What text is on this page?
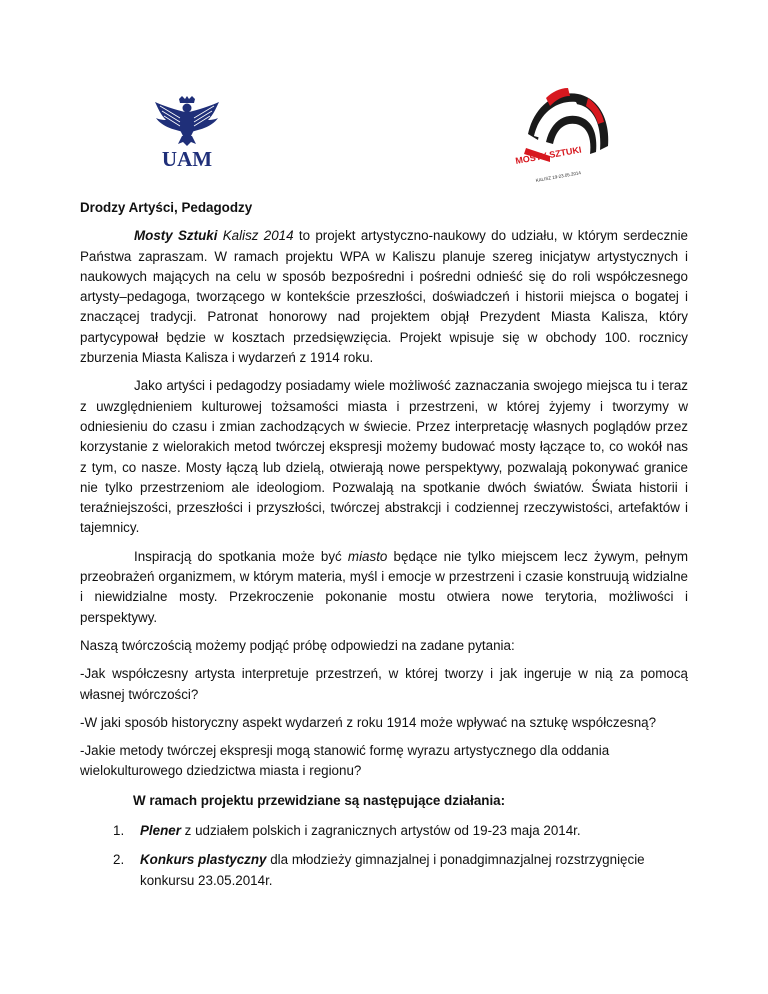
UAM	MOSTY SZTUKI
KALISZ 19-23.05.2014

Drodzy Artyści, Pedagodzy

Mosty Sztuki Kalisz 2014 to projekt artystyczno-naukowy do udziału, w którym serdecznie Państwa zapraszam. W ramach projektu WPA w Kaliszu planuje szereg inicjatyw artystycznych i naukowych mających na celu w sposób bezpośredni i pośredni odnieść się do roli współczesnego artysty–pedagoga, tworzącego w kontekście przeszłości, doświadczeń i historii miejsca o bogatej i znaczącej tradycji. Patronat honorowy nad projektem objął Prezydent Miasta Kalisza, który partycypował będzie w kosztach przedsięwzięcia. Projekt wpisuje się w obchody 100. rocznicy zburzenia Miasta Kalisza i wydarzeń z 1914 roku.

Jako artyści i pedagodzy posiadamy wiele możliwość zaznaczania swojego miejsca tu i teraz z uwzględnieniem kulturowej tożsamości miasta i przestrzeni, w której żyjemy i tworzymy w odniesieniu do czasu i zmian zachodzących w świecie. Przez interpretację własnych poglądów przez korzystanie z wielorakich metod twórczej ekspresji możemy budować mosty łączące to, co wokół nas z tym, co nasze. Mosty łączą lub dzielą, otwierają nowe perspektywy, pozwalają pokonywać granice nie tylko przestrzeniom ale ideologiom. Pozwalają na spotkanie dwóch światów. Świata historii i teraźniejszości, przeszłości i przyszłości, twórczej abstrakcji i codziennej rzeczywistości, artefaktów i tajemnicy.

Inspiracją do spotkania może być miasto będące nie tylko miejscem lecz żywym, pełnym przeobrażeń organizmem, w którym materia, myśl i emocje w przestrzeni i czasie konstruują widzialne i niewidzialne mosty. Przekroczenie pokonanie mostu otwiera nowe terytoria, możliwości i perspektywy.

Naszą twórczością możemy podjąć próbę odpowiedzi na zadane pytania:

-Jak współczesny artysta interpretuje przestrzeń, w której tworzy i jak ingeruje w nią za pomocą własnej twórczości?

-W jaki sposób historyczny aspekt wydarzeń z roku 1914 może wpływać na sztukę współczesną?

-Jakie metody twórczej ekspresji mogą stanowić formę wyrazu artystycznego dla oddania wielokulturowego dziedzictwa miasta i regionu?

W ramach projektu przewidziane są następujące działania:

1. Plener z udziałem polskich i zagranicznych artystów od 19-23 maja 2014r.
2. Konkurs plastyczny dla młodzieży gimnazjalnej i ponadgimnazjalnej rozstrzygnięcie konkursu 23.05.2014r.
